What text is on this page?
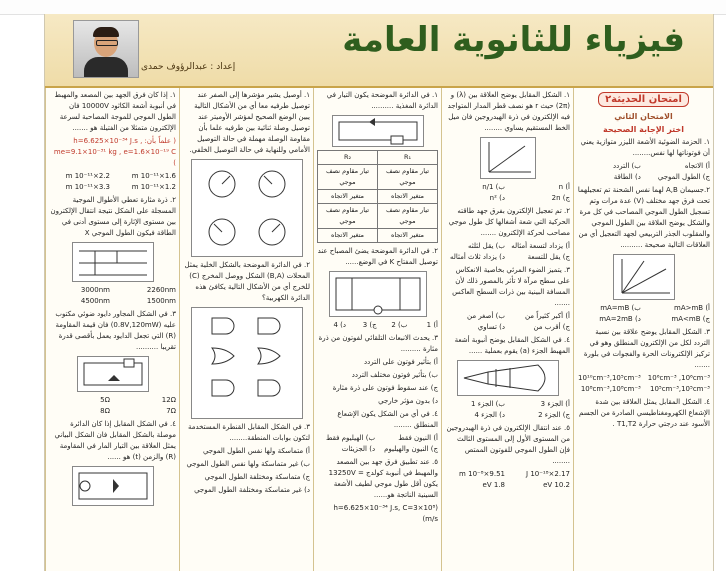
إعداد : عبدالرؤوف حمدى
فيزياء للثانوية العامة
امتحان الحديثة٢
الامتحان الثاني
اختر الإجابة الصحيحة
١. الحزمة الضوئية الأشعة الليزر متوازية يعني أن فوتوناتها لها نفس........
أ) الاتجاه
ب) التردد
ج) الطول الموجي
د) الطاقة
٢.جسيمان A,B لهما نفس الشحنة تم تعجيلهما تحت فرق جهد مختلف (V) عدة مرات وتم تسجيل الطول الموجي المصاحب في كل مرة والشكل يوضح العلاقة بين الطول الموجي والمقلوب الجذر التربيعي لجهد التعجيل أي من العلاقات التالية صحيحة ..........
أ) mA>mB
ب) mA=mB
ج) mA<mB
د) mA=2mB
٣. الشكل المقابل يوضح علاقة بين نسبة التردد لكل من الإلكترون المنطلق وهو في تركيز الإلكترونات الحرة والفجوات في بلورة .......
10⁶cm⁻³ ,10⁶cm⁻³
10¹⁰cm⁻³,10⁵cm⁻³
10⁵cm⁻³,10⁵cm⁻³
10⁸cm⁻³,10⁸cm⁻³
٤. الشكل المقابل يمثل العلاقة بين شدة الإشعاع الكهرومغناطيسي الصادرة من الجسم الأسود عند درجتي حرارة T1,T2 .
١. الشكل المقابل يوضح العلاقة بين (λ) و (2π) حيث r هو نصف قطر المدار المتواجد فيه الإلكترون في ذرة الهيدروجين فان ميل الخط المستقيم يساوي ........
أ) n
ب) 1/n
ج) 2n
د) n²
٢. تم تعجيل الإلكترون بفرق جهد طاقته الحركية التي شعة أشغالها كل طول موجي مصاحب لحركة الإلكترون .......
أ) يزداد لتسعة أمثاله
ب) يقل لثلثه
ج) يقل للتسعة
د) يزداد ثلاث أمثاله
٣. يتميز الضوء المرئي بخاصية الانعكاس على سطح مرآة لا تأثر بالمصور ذلك لأن المسافة البينية بين ذرات السطح العاكس .......
أ) أكبر كثيراً من
ب) أصغر من
ج) أقرب من
د) تساوي
٤. في الشكل المقابل يوضح أنبوبة أشعة المهبط الجزء (a) يقوم بعملية ......
أ) الجزء 3
ب) الجزء 1
ج) الجزء 2
د) الجزء 4
٥. عند انتقال الإلكترون في ذرة الهيدروجين من المستوى الأول إلى المستوى الثالث فإن الطول الموجي للفوتون الممتص ........
2.17×10⁻¹⁸ J
9.51×10⁻⁸ m
10.2 eV
1.8 eV
١. في الدائرة الموضحة يكون التيار في الدائرة المغذية ..........
R₁	R₂
تيار مقاوم نصف موجي	تيار مقاوم نصف موجي
متغير الاتجاه	متغير الاتجاه
تيار مقاوم نصف موجي	تيار مقاوم نصف موجي
متغير الاتجاه	متغير الاتجاه
٢. في الدائرة الموضحة يضئ المصباح عند توصيل المفتاح K في الوضع......
أ) 1
ب) 2
ج) 3
د) 4
٣. يحدث الانبعاث التلقائي لفوتون من ذرة مثارة .........
أ) بتأثير فوتون على التردد
ب) بتأثير فوتون مختلف التردد
ج) عند سقوط فوتون على ذرة مثارة
د) بدون مؤثر خارجي
٤. في أي من الشكل يكون الإشعاع المنطلق ........
أ) النيون فقط
ب) الهيليوم فقط
ج) النيون والهيليوم
د) الجزيئات
٥. عند تطبيق فرق جهد بين المصعد والمهبط في أنبوبة كولدج = 13250V يكون أقل طول موجي لطيف الأشعة السينية الناتجة هو......
(h=6.625×10⁻³⁴ J.s, C=3×10⁸ m/s)
١. أوصيل يشير مؤشرها إلى الصفر عند توصيل طرفيه معا أي من الأشكال التالية يبين الوضع الصحيح لمؤشر الأوميتر عند توصيل وصلة ثنائية بين طرفيه علما بأن مقاومة الوصلة مهملة في حالة التوصيل الأمامي وللنهاية في حالة التوصيل الخلفي.
٢. في الدائرة الموضحة بالشكل الخلية يمثل المحلات (B,A) الشكل ووصل المخرج (C) للخرج أي من الأشكال التالية يكافئ هذه الدائرة الكهربية؟
٣. في الشكل المقابل القنطرة المستخدمة لتكون بوابات المنطقة........
أ) متماسكة ولها نفس الطول الموجي
ب) غير متماسكة ولها نفس الطول الموجي
ج) متماسكة ومختلفة الطول الموجي
د) غير متماسكة ومختلفة الطول الموجي
١. إذا كان فرق الجهد بين المصعد والمهبط في أنبوبة أشعة الكاثود 10000V فان الطول الموجي للموجة المصاحبة لسرعة الإلكترون متمثلا من الفتيلة هو .......
( علماً بأن: h=6.625×10⁻³⁴ J.s , me=9.1×10⁻³¹ kg , e=1.6×10⁻¹⁹ C )
1.6×10⁻¹¹ m
2.2×10⁻¹¹ m
1.2×10⁻¹¹ m
3.3×10⁻¹¹ m
٢. ذرة مثارة تعطي الأطوال الموجية المسجلة على الشكل نتيجة انتقال الإلكترون بين مستوى الإثارة إلى مستوى أدنى في الطاقة فيكون الطول الموجي X
2260nm
3000nm
1500nm
4500nm
٣. في الشكل المجاور دايود ضوئي مكتوب عليه (0.8V,120mW) فان قيمة المقاومة (R) التي تجعل الدايود يعمل بأقصى قدرة تقريبا ..........
12Ω
5Ω
7Ω
8Ω
٤. في الشكل المقابل إذا كان الدائرة موصلة بالشكل المقابل فان الشكل البياني يمثل العلاقة بين التيار المار في المقاومة (R) والزمن (t) هو ......
